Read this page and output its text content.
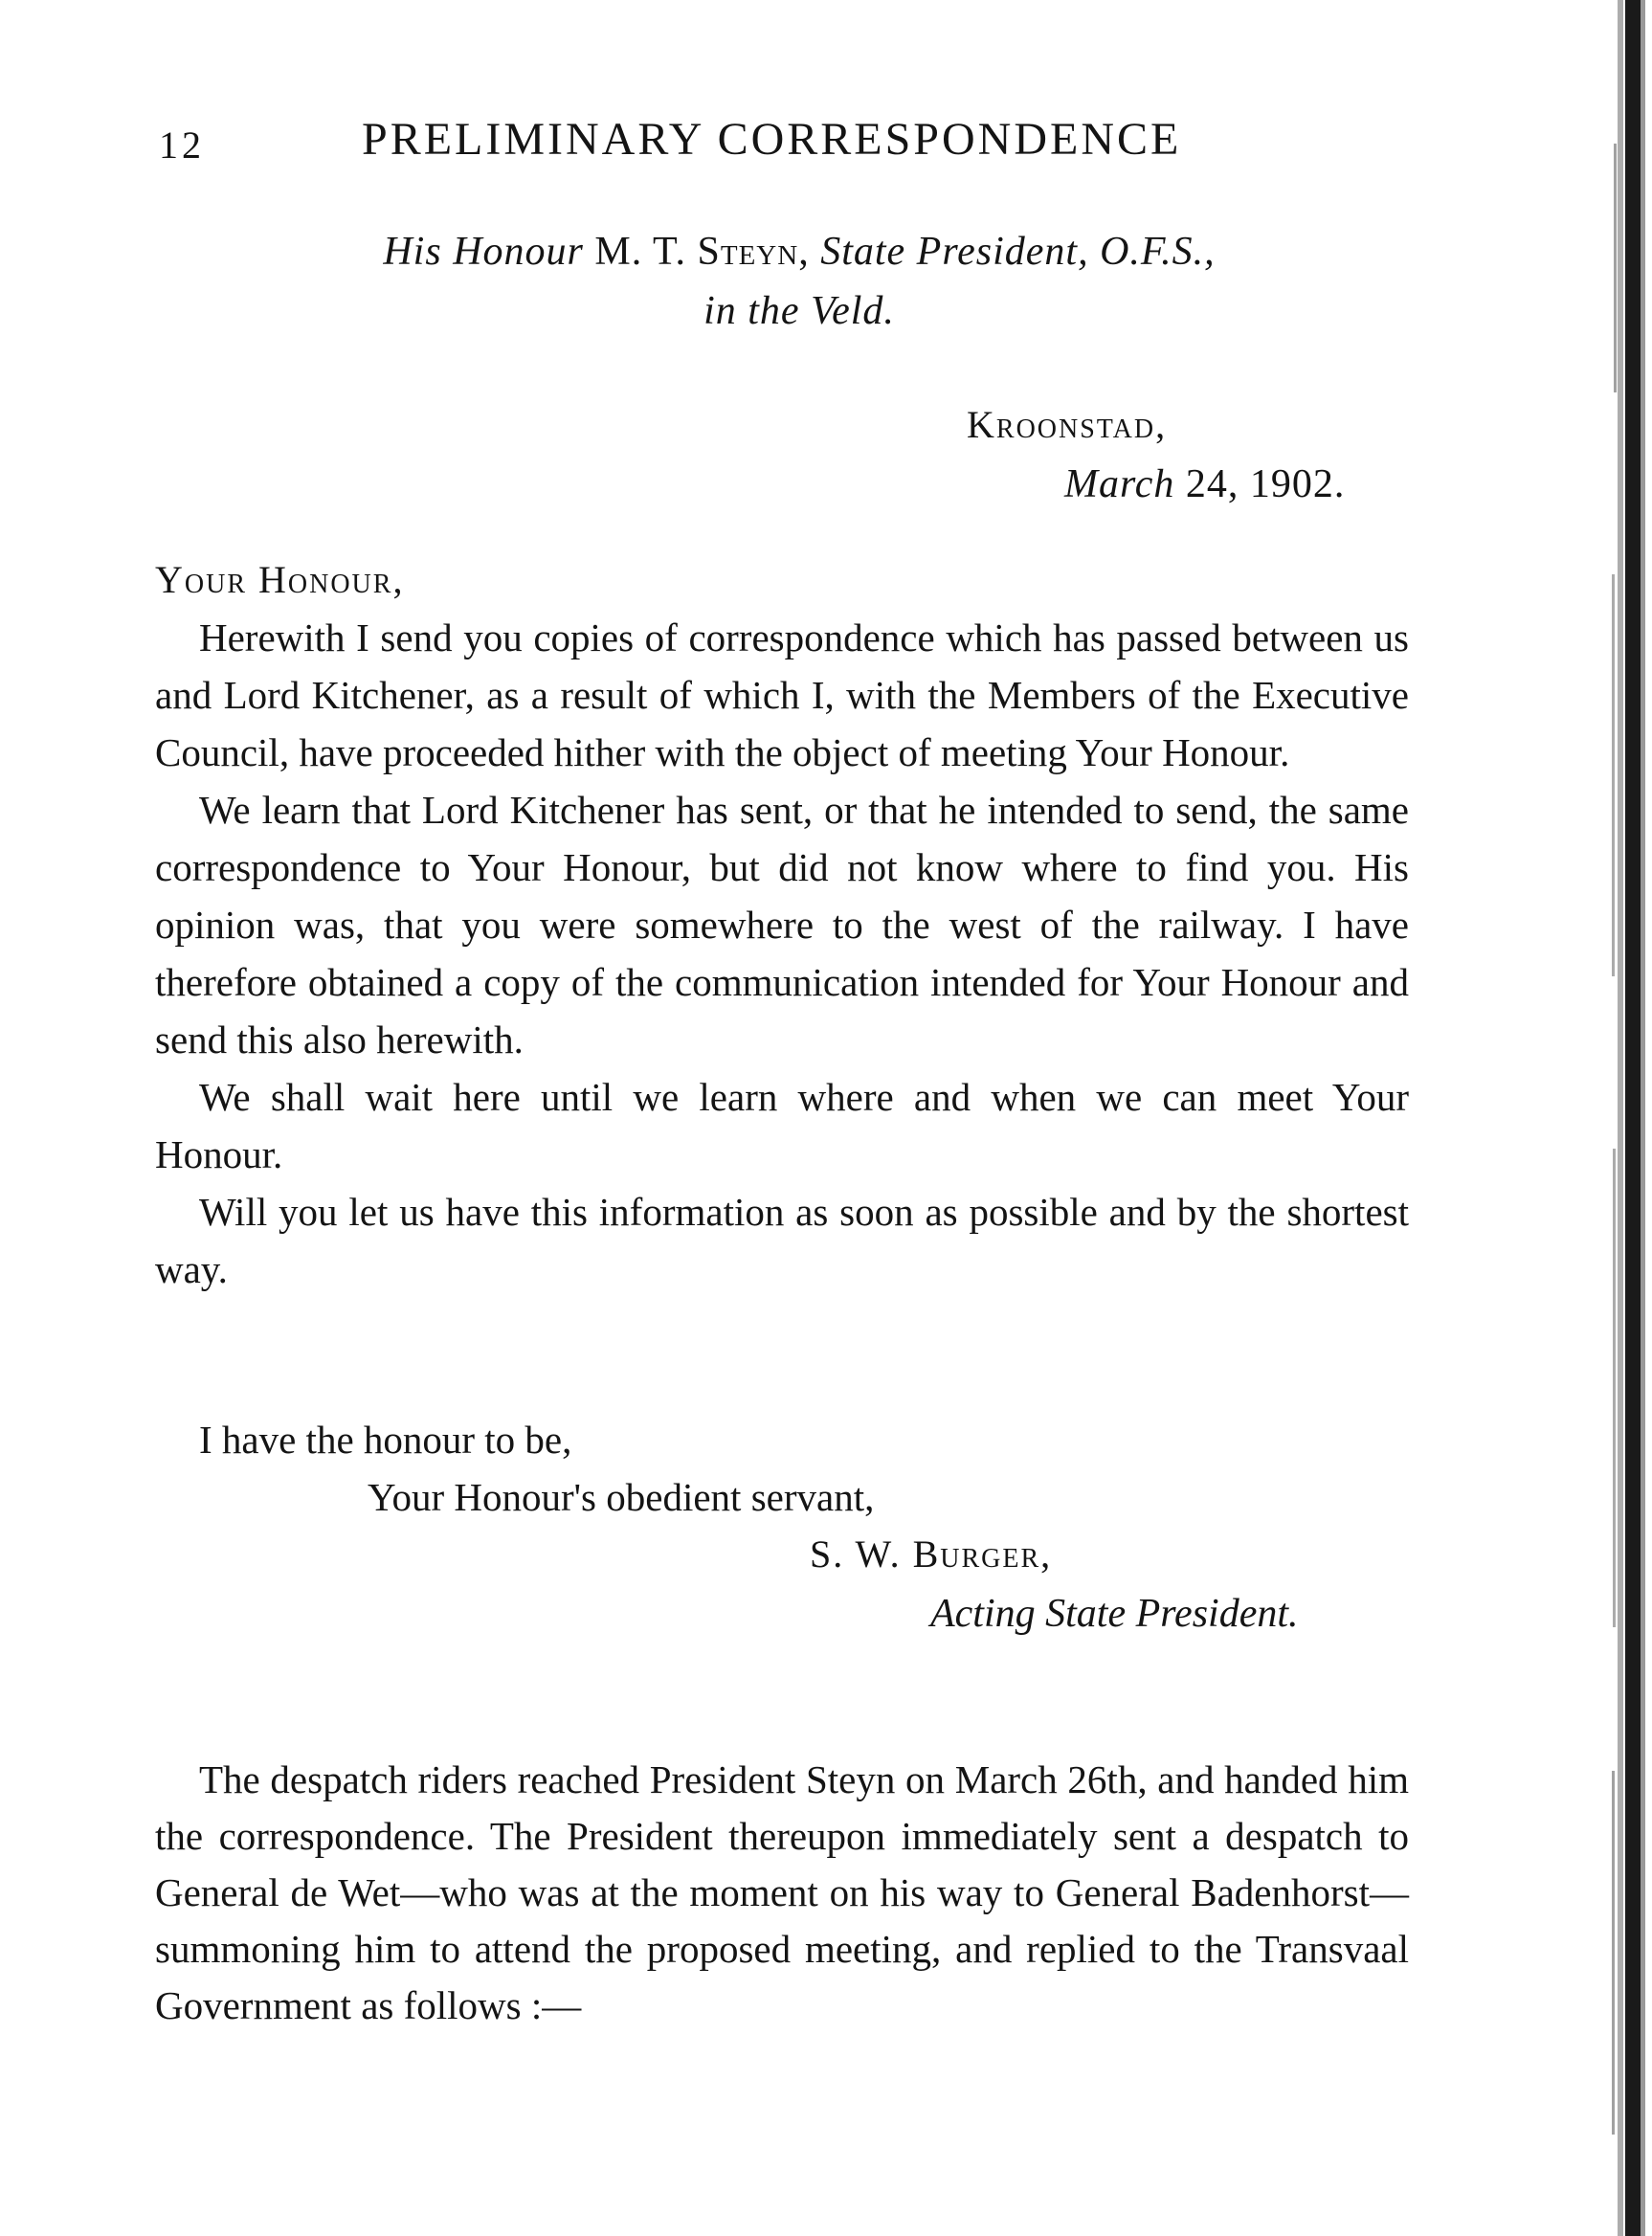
12	PRELIMINARY CORRESPONDENCE
His Honour M. T. Steyn, State President, O.F.S.,
in the Veld.
Kroonstad,
March 24, 1902.
Your Honour,

Herewith I send you copies of correspondence which has passed between us and Lord Kitchener, as a result of which I, with the Members of the Executive Council, have proceeded hither with the object of meeting Your Honour.

We learn that Lord Kitchener has sent, or that he intended to send, the same correspondence to Your Honour, but did not know where to find you. His opinion was, that you were somewhere to the west of the railway. I have therefore obtained a copy of the communication intended for Your Honour and send this also herewith.

We shall wait here until we learn where and when we can meet Your Honour.

Will you let us have this information as soon as possible and by the shortest way.

I have the honour to be,
Your Honour's obedient servant,
S. W. Burger,
Acting State President.

The despatch riders reached President Steyn on March 26th, and handed him the correspondence. The President thereupon immediately sent a despatch to General de Wet—who was at the moment on his way to General Badenhorst—summoning him to attend the proposed meeting, and replied to the Transvaal Government as follows :—
